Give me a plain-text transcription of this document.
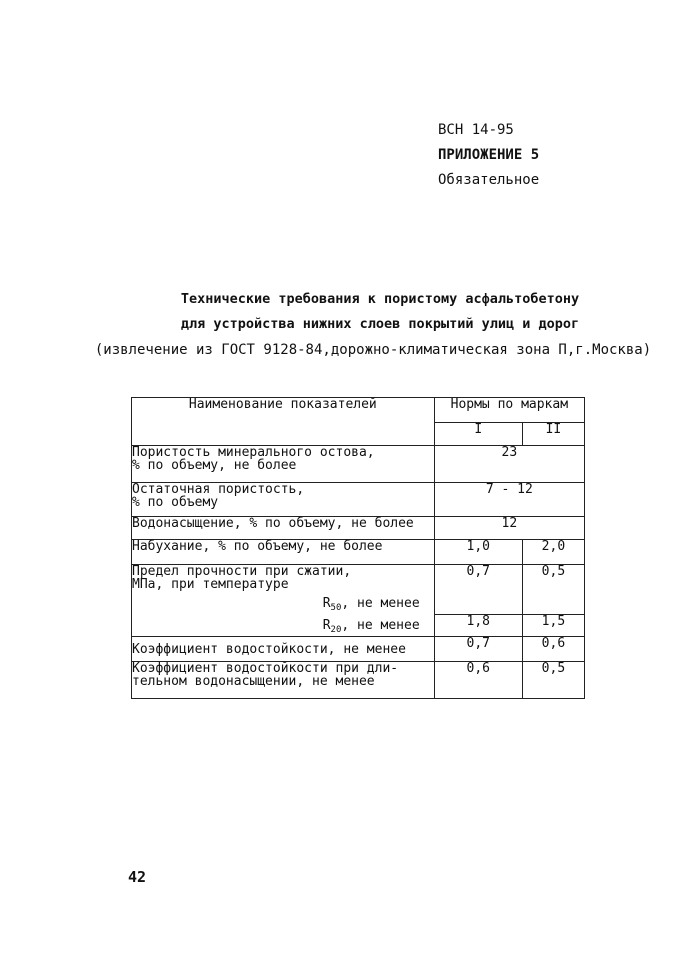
ВСН 14-95
ПРИЛОЖЕНИЕ 5
Обязательное
Технические требования к пористому асфальтобетону
для устройства нижних слоев покрытий улиц и дорог
(извлечение из ГОСТ 9128-84,дорожно-климатическая зона П,г.Москва)
Наименование показателей	Нормы по маркам	
	I	II

Пористость минерального остова,
% по объему, не более	23	

Остаточная пористость,
% по объему	7 - 12	
Водонасыщение, % по объему, не более	12	
Набухание, % по объему, не более	1,0	2,0

Предел прочности при сжатии,
МПа, при температуре
$R_{50}$, не менее	0,7	0,5

$R_{20}$, не менее	1,8	1,5
Коэффициент водостойкости, не менее	0,7	0,6

Коэффициент водостойкости при дли-
тельном водонасыщении, не менее	0,6	0,5
42
